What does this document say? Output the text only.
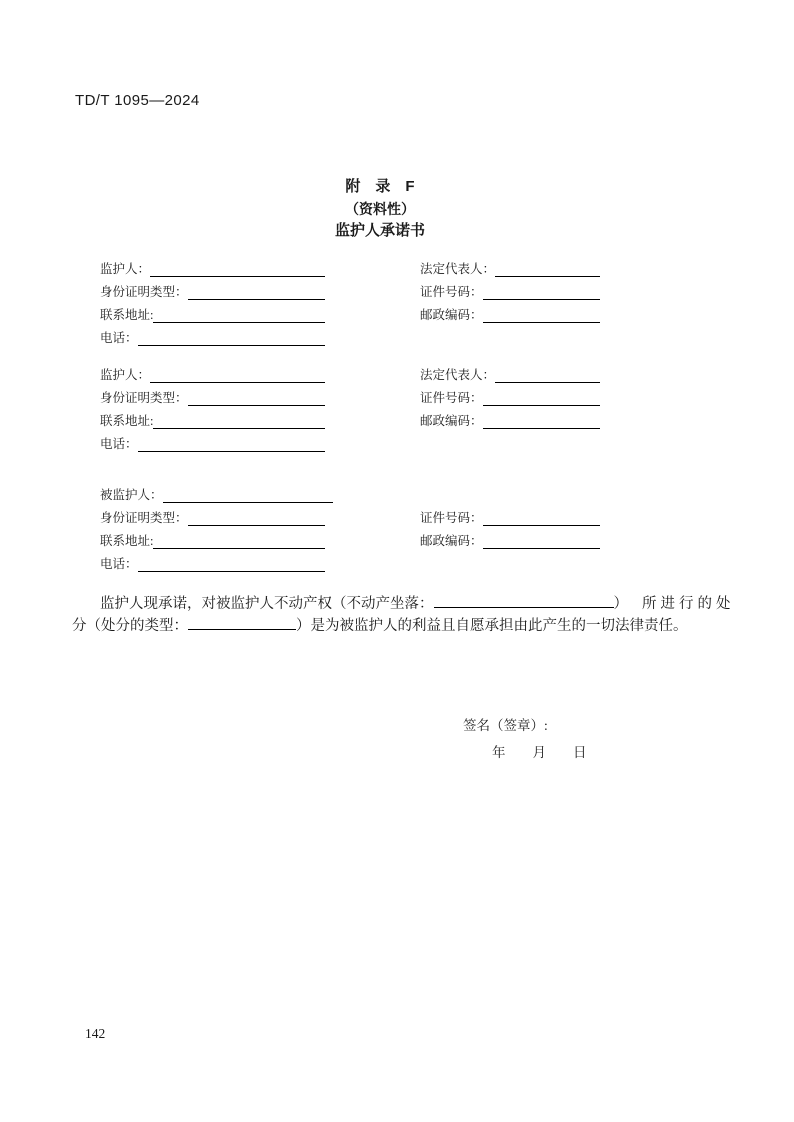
TD/T 1095—2024
附　录　F
（资料性）
监护人承诺书
监护人：	法定代表人：
身份证明类型：	证件号码：
联系地址:	邮政编码：
电话：
监护人：	法定代表人：
身份证明类型：	证件号码：
联系地址:	邮政编码：
电话：
被监护人：
身份证明类型：	证件号码：
联系地址:	邮政编码：
电话：
监护人现承诺，对被监护人不动产权（不动产坐落：	） 所进行的处
分（处分的类型：	）是为被监护人的利益且自愿承担由此产生的一切法律责任。
签名（签章）:
年　　月　　日
142
